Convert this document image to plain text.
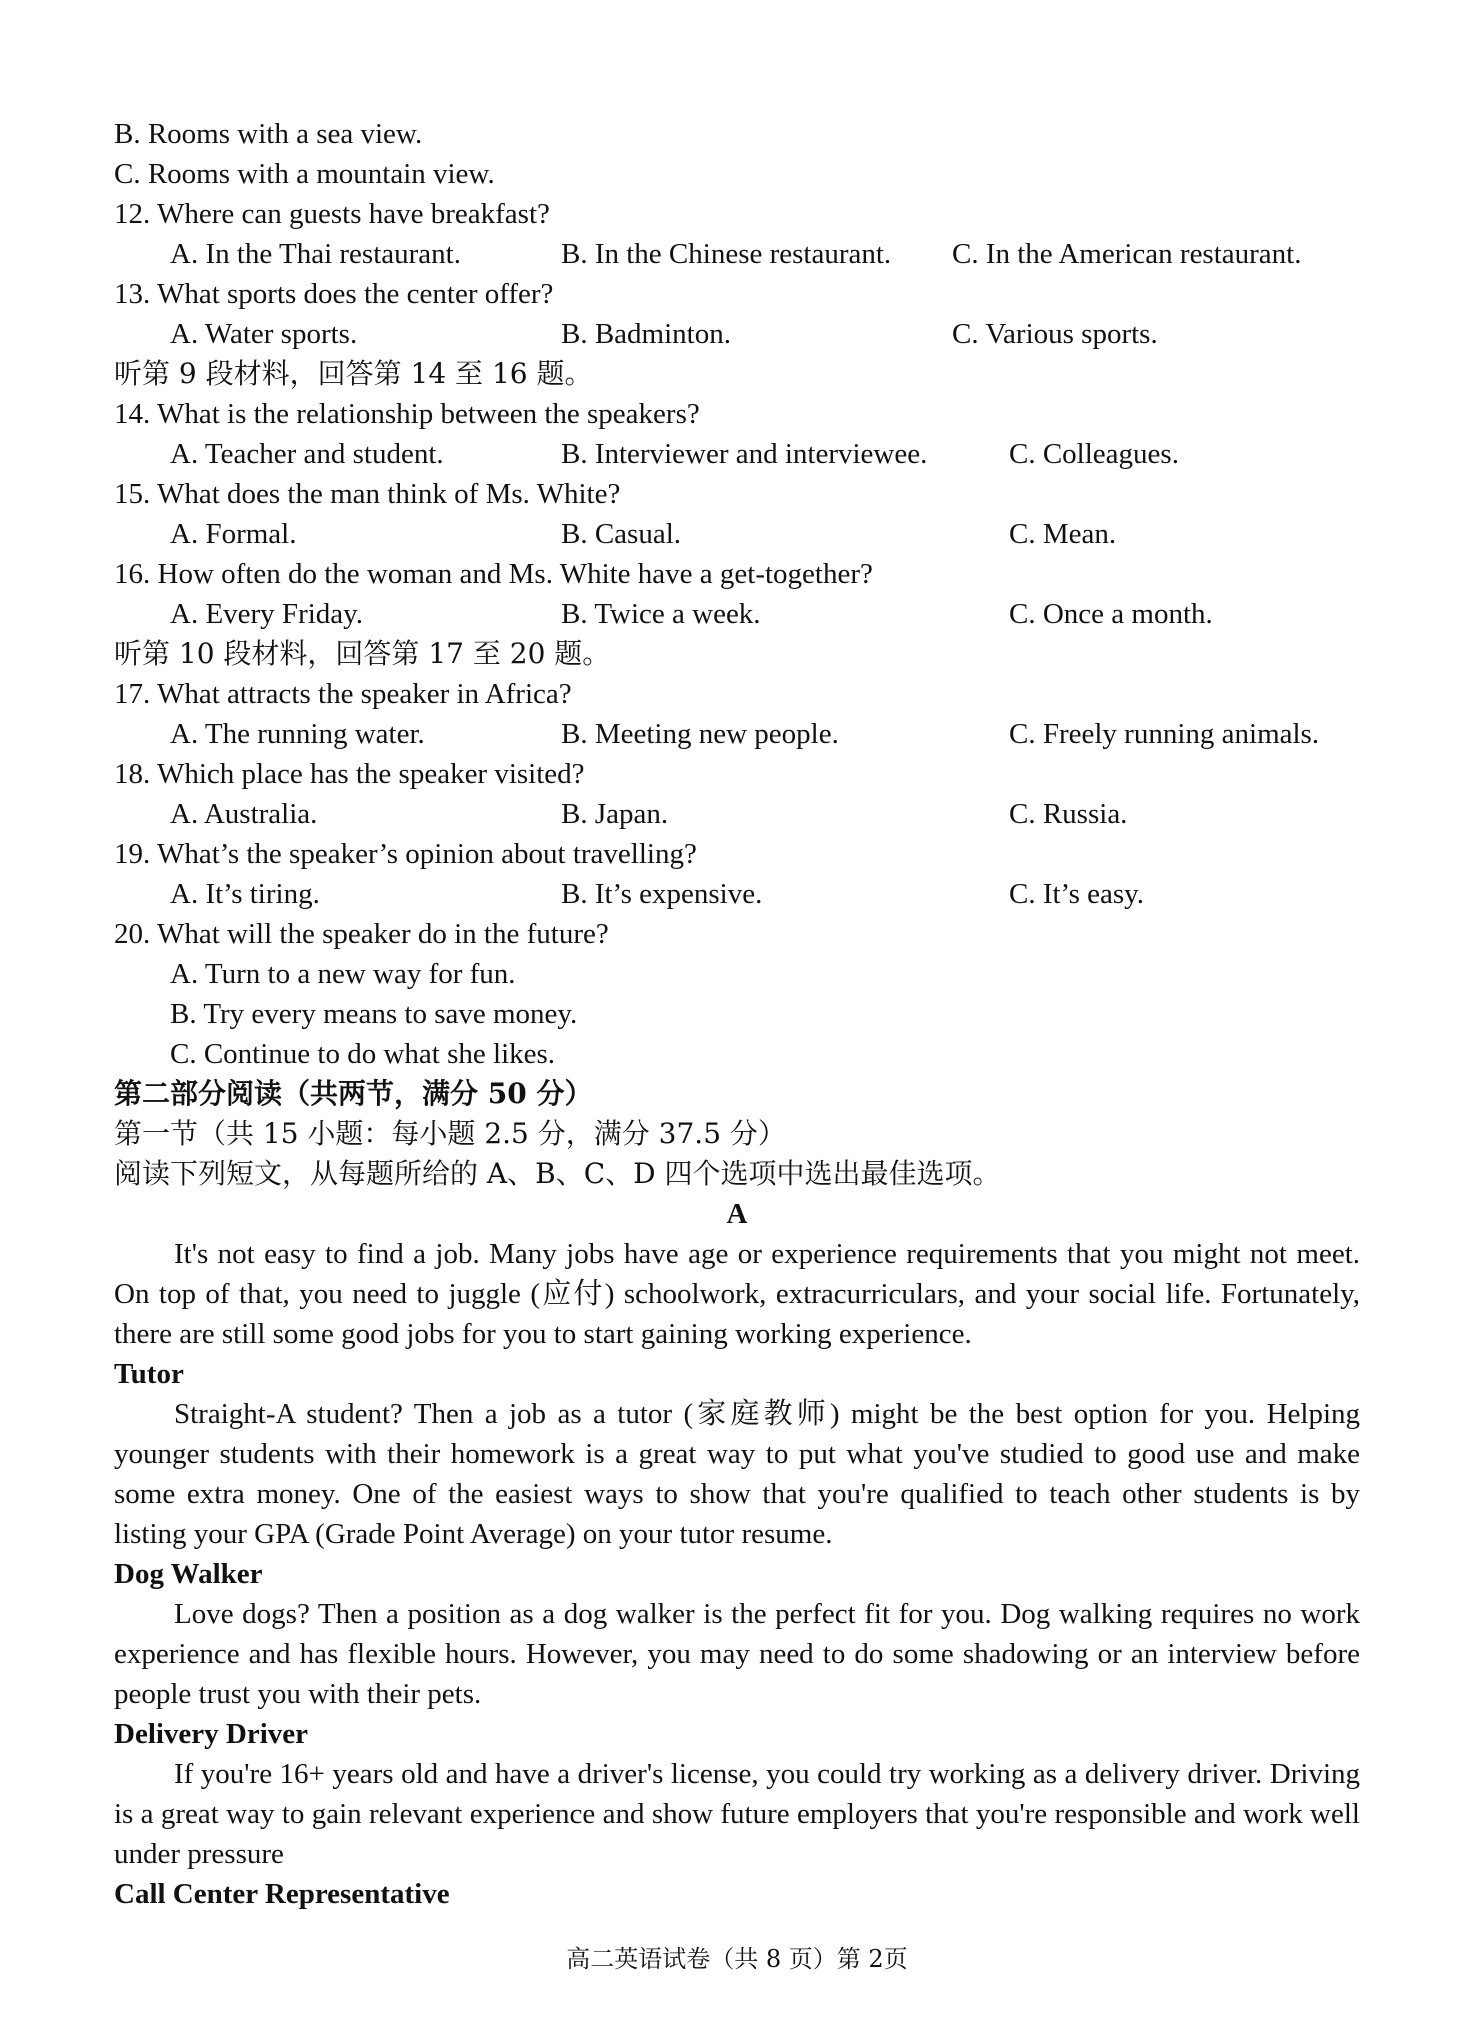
B. Rooms with a sea view.
C. Rooms with a mountain view.
12. Where can guests have breakfast?
A. In the Thai restaurant.	B. In the Chinese restaurant. C. In the American restaurant.
13. What sports does the center offer?
A. Water sports.	B. Badminton.	C. Various sports.
听第 9 段材料，回答第 14 至 16 题。
14. What is the relationship between the speakers?
A. Teacher and student.	B. Interviewer and interviewee.	C. Colleagues.
15. What does the man think of Ms. White?
A. Formal.	B. Casual.	C. Mean.
16. How often do the woman and Ms. White have a get-together?
A. Every Friday.	B. Twice a week.	C. Once a month.
听第 10 段材料，回答第 17 至 20 题。
17. What attracts the speaker in Africa?
A. The running water.	B. Meeting new people.	C. Freely running animals.
18. Which place has the speaker visited?
A. Australia.	B. Japan.	C. Russia.
19. What’s the speaker’s opinion about travelling?
A. It’s tiring.	B. It’s expensive.	C. It’s easy.
20. What will the speaker do in the future?
A. Turn to a new way for fun.
B. Try every means to save money.
C. Continue to do what she likes.
第二部分阅读（共两节，满分 50 分）
第一节（共 15 小题：每小题 2.5 分，满分 37.5 分）
阅读下列短文，从每题所给的 A、B、C、D 四个选项中选出最佳选项。
A
It's not easy to find a job. Many jobs have age or experience requirements that you might not meet. On top of that, you need to juggle (应付) schoolwork, extracurriculars, and your social life. Fortunately, there are still some good jobs for you to start gaining working experience.
Tutor
Straight-A student? Then a job as a tutor (家庭教师) might be the best option for you. Helping younger students with their homework is a great way to put what you've studied to good use and make some extra money. One of the easiest ways to show that you're qualified to teach other students is by listing your GPA (Grade Point Average) on your tutor resume.
Dog Walker
Love dogs? Then a position as a dog walker is the perfect fit for you. Dog walking requires no work experience and has flexible hours. However, you may need to do some shadowing or an interview before people trust you with their pets.
Delivery Driver
If you're 16+ years old and have a driver's license, you could try working as a delivery driver. Driving is a great way to gain relevant experience and show future employers that you're responsible and work well under pressure
Call Center Representative
高二英语试卷（共 8 页）第 2页
